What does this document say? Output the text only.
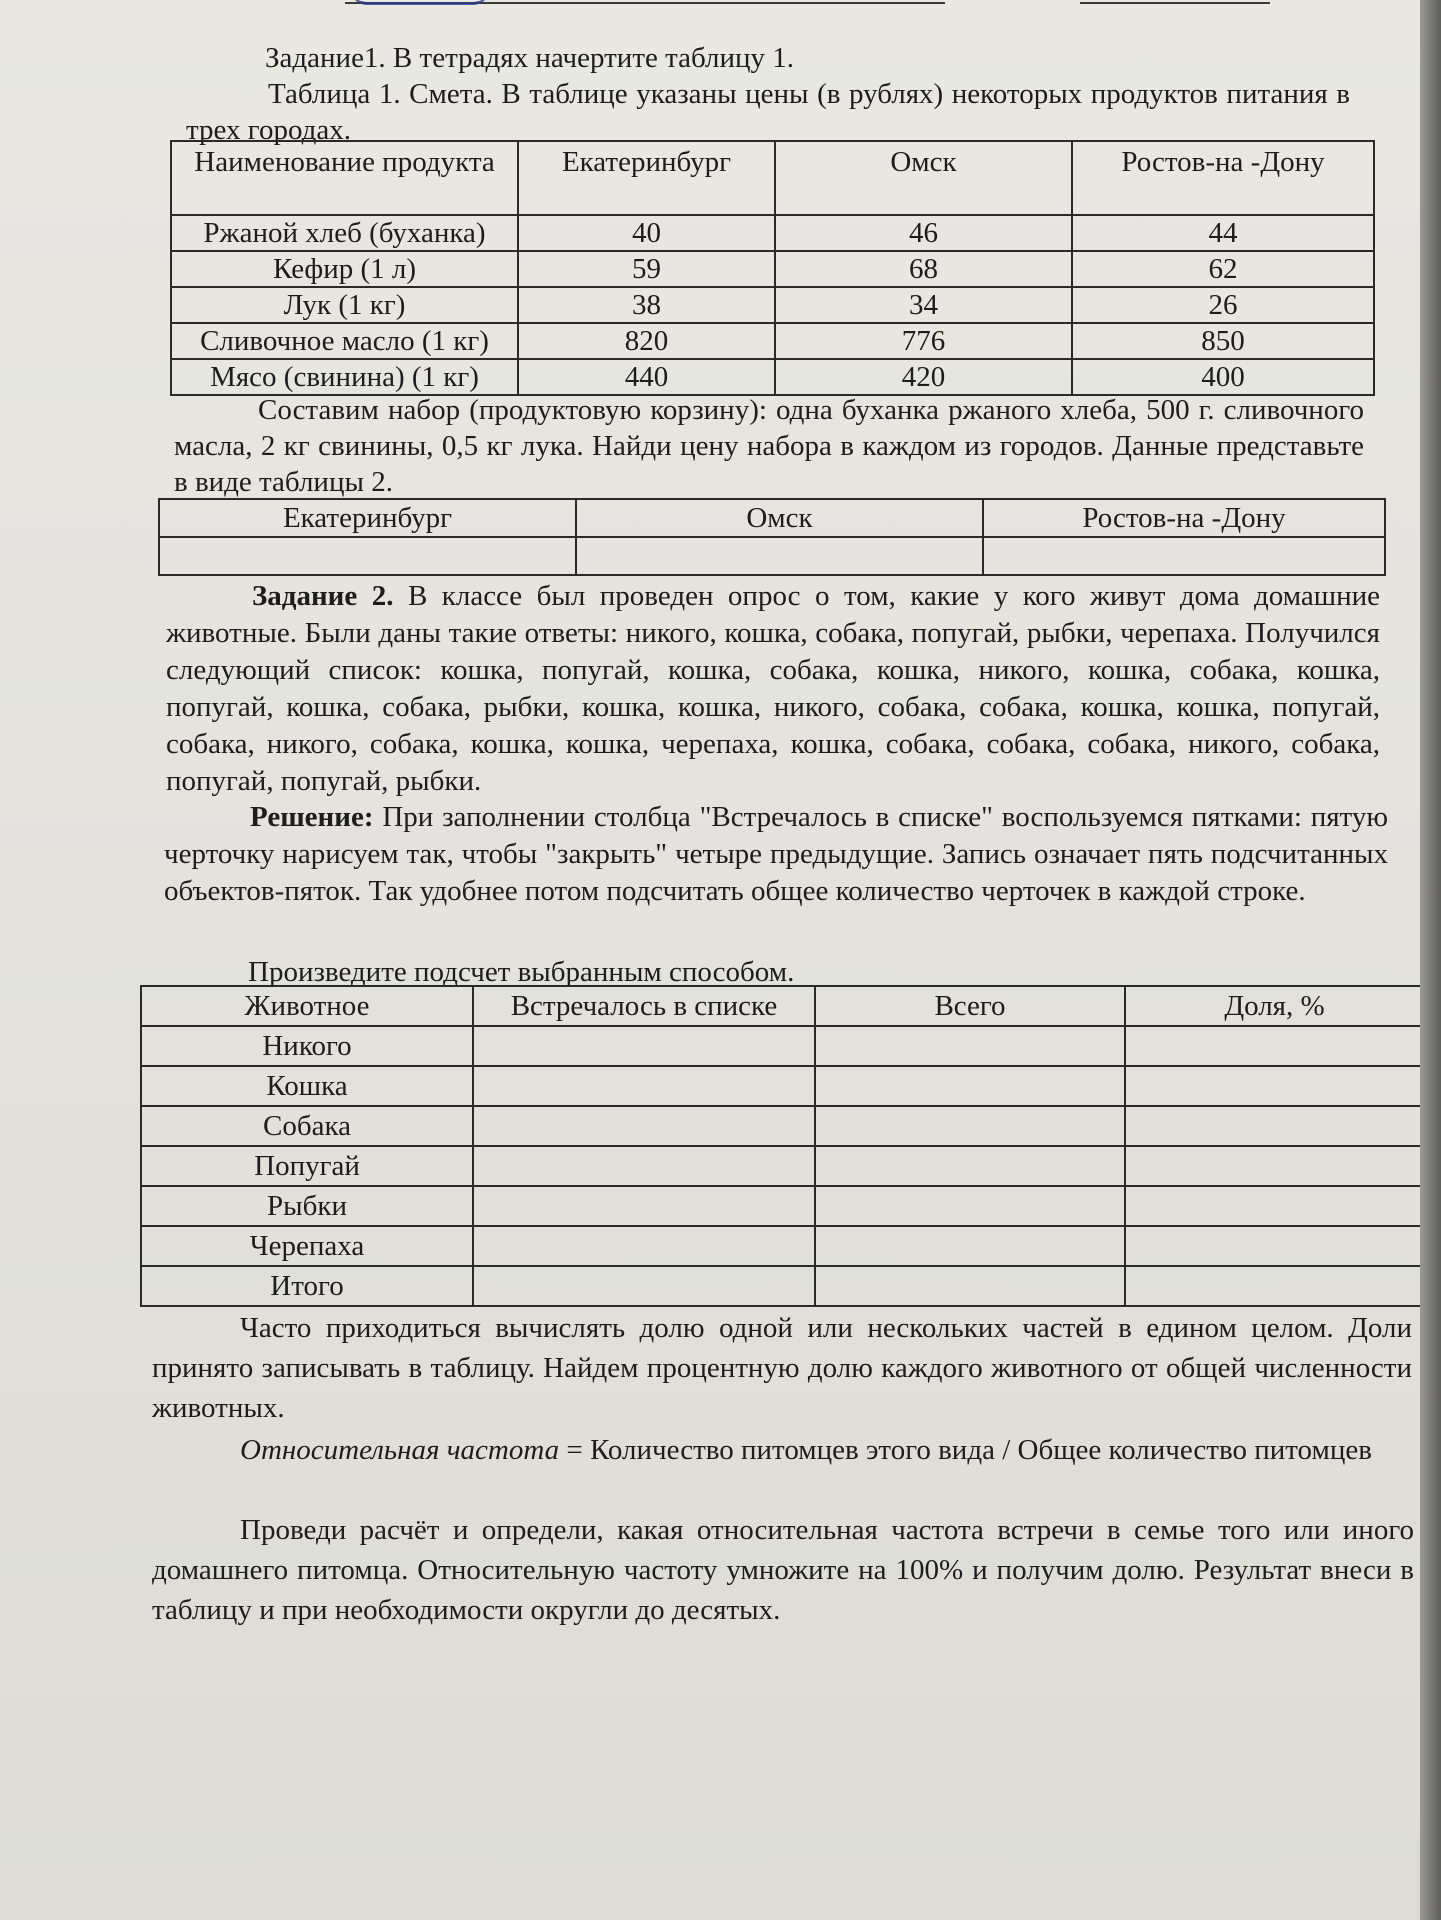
Задание1. В тетрадях начертите таблицу 1.

Таблица 1. Смета. В таблице указаны цены (в рублях) некоторых продуктов питания в трех городах.

Наименование продукта	Екатеринбург	Омск	Ростов-на -Дону
Ржаной хлеб (буханка)	40	46	44
Кефир (1 л)	59	68	62
Лук (1 кг)	38	34	26
Сливочное масло (1 кг)	820	776	850
Мясо (свинина) (1 кг)	440	420	400

Составим набор (продуктовую корзину): одна буханка ржаного хлеба, 500 г. сливочного масла, 2 кг свинины, 0,5 кг лука. Найди цену набора в каждом из городов. Данные представьте в виде таблицы 2.

Екатеринбург	Омск	Ростов-на -Дону

Задание 2. В классе был проведен опрос о том, какие у кого живут дома домашние животные. Были даны такие ответы: никого, кошка, собака, попугай, рыбки, черепаха. Получился следующий список: кошка, попугай, кошка, собака, кошка, никого, кошка, собака, кошка, попугай, кошка, собака, рыбки, кошка, кошка, никого, собака, собака, кошка, кошка, попугай, собака, никого, собака, кошка, кошка, черепаха, кошка, собака, собака, собака, никого, собака, попугай, попугай, рыбки.

Решение: При заполнении столбца "Встречалось в списке" воспользуемся пятками: пятую черточку нарисуем так, чтобы "закрыть" четыре предыдущие. Запись означает пять подсчитанных объектов-пяток. Так удобнее потом подсчитать общее количество черточек в каждой строке.

Произведите подсчет выбранным способом.

Животное	Встречалось в списке	Всего	Доля, %
Никого			
Кошка			
Собака			
Попугай			
Рыбки			
Черепаха			
Итого			

Часто приходиться вычислять долю одной или нескольких частей в едином целом. Доли принято записывать в таблицу. Найдем процентную долю каждого животного от общей численности животных.

Относительная частота = Количество питомцев этого вида / Общее количество питомцев

Проведи расчёт и определи, какая относительная частота встречи в семье того или иного домашнего питомца. Относительную частоту умножите на 100% и получим долю. Результат внеси в таблицу и при необходимости округли до десятых.
